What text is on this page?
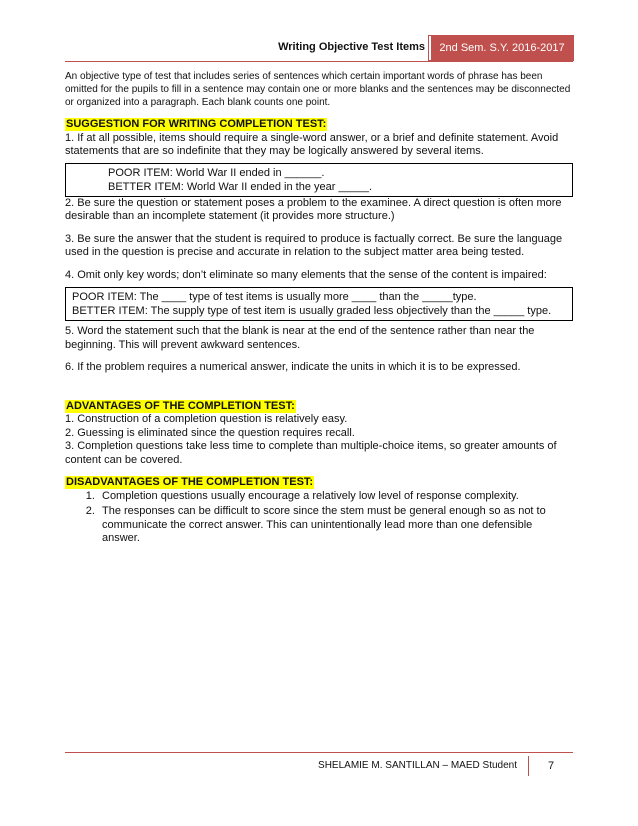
Writing Objective Test Items	2nd Sem. S.Y. 2016-2017

An objective type of test that includes series of sentences which certain important words of phrase has been omitted for the pupils to fill in a sentence may contain one or more blanks and the sentences may be disconnected or organized into a paragraph. Each blank counts one point.

SUGGESTION FOR WRITING COMPLETION TEST:

1. If at all possible, items should require a single-word answer, or a brief and definite statement. Avoid statements that are so indefinite that they may be logically answered by several items.

POOR ITEM: World War II ended in ______.
BETTER ITEM: World War II ended in the year _____.

2. Be sure the question or statement poses a problem to the examinee. A direct question is often more desirable than an incomplete statement (it provides more structure.)

3. Be sure the answer that the student is required to produce is factually correct. Be sure the language used in the question is precise and accurate in relation to the subject matter area being tested.

4. Omit only key words; don’t eliminate so many elements that the sense of the content is impaired:

POOR ITEM: The ____ type of test items is usually more ____ than the _____type.
BETTER ITEM: The supply type of test item is usually graded less objectively than the _____ type.

5. Word the statement such that the blank is near at the end of the sentence rather than near the beginning. This will prevent awkward sentences.

6. If the problem requires a numerical answer, indicate the units in which it is to be expressed.

ADVANTAGES OF THE COMPLETION TEST:

1. Construction of a completion question is relatively easy.

2. Guessing is eliminated since the question requires recall.

3. Completion questions take less time to complete than multiple-choice items, so greater amounts of content can be covered.

DISADVANTAGES OF THE COMPLETION TEST:

1. Completion questions usually encourage a relatively low level of response complexity.
2. The responses can be difficult to score since the stem must be general enough so as not to communicate the correct answer. This can unintentionally lead more than one defensible answer.
SHELAMIE M. SANTILLAN – MAED Student	7
